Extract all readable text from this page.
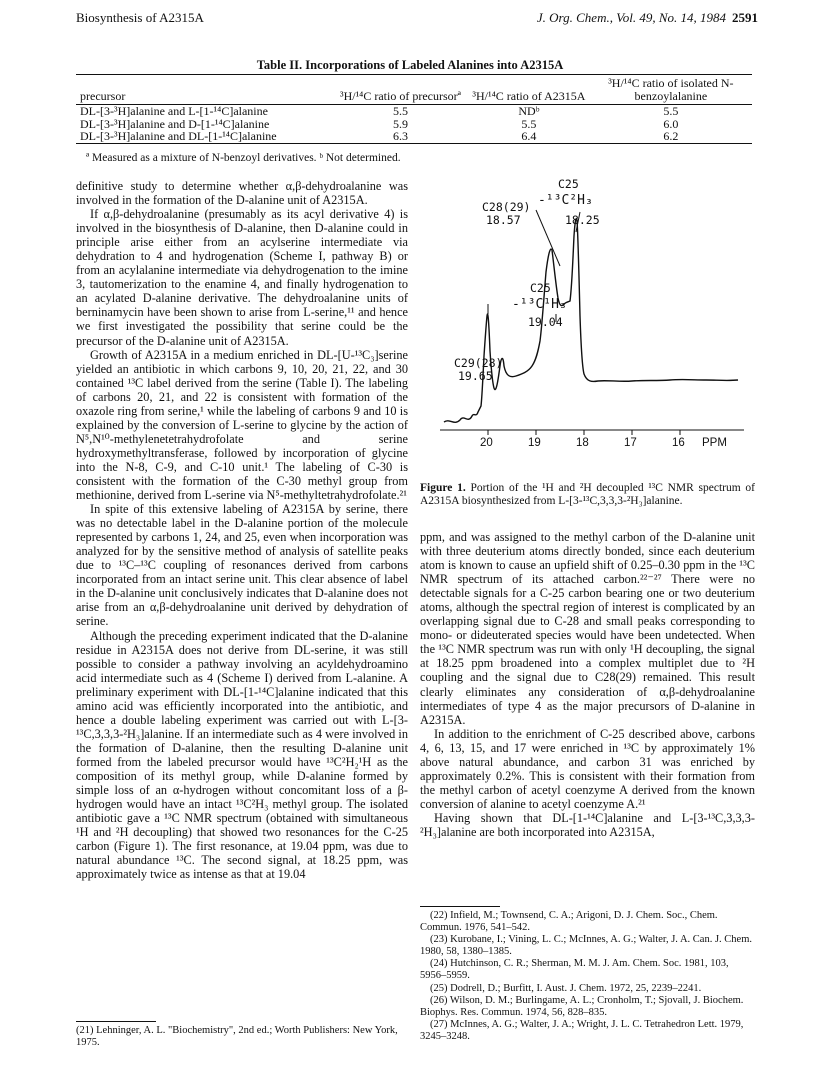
Biosynthesis of A2315A	J. Org. Chem., Vol. 49, No. 14, 1984 2591
Table II. Incorporations of Labeled Alanines into A2315A
precursor	³H/¹⁴C ratio of precursorª	³H/¹⁴C ratio of A2315A	³H/¹⁴C ratio of isolated N-benzoylalanine
DL-[3-³H]alanine and L-[1-¹⁴C]alanine	5.5	NDᵇ	5.5
DL-[3-³H]alanine and D-[1-¹⁴C]alanine	5.9	5.5	6.0
DL-[3-³H]alanine and DL-[1-¹⁴C]alanine	6.3	6.4	6.2
ª Measured as a mixture of N-benzoyl derivatives. ᵇ Not determined.

definitive study to determine whether α,β-dehydroalanine was involved in the formation of the D-alanine unit of A2315A.

If α,β-dehydroalanine (presumably as its acyl derivative 4) is involved in the biosynthesis of D-alanine, then D-alanine could in principle arise either from an acylserine intermediate via dehydration to 4 and hydrogenation (Scheme I, pathway B) or from an acylalanine intermediate via dehydrogenation to the imine 3, tautomerization to the enamine 4, and finally hydrogenation to an acylated D-alanine derivative. The dehydroalanine units of berninamycin have been shown to arise from L-serine,¹¹ and hence we first investigated the possibility that serine could be the precursor of the D-alanine unit of A2315A.

Growth of A2315A in a medium enriched in DL-[U-¹³C₃]serine yielded an antibiotic in which carbons 9, 10, 20, 21, 22, and 30 contained ¹³C label derived from the serine (Table I). The labeling of carbons 20, 21, and 22 is consistent with formation of the oxazole ring from serine,¹ while the labeling of carbons 9 and 10 is explained by the conversion of L-serine to glycine by the action of N⁵,N¹⁰-methylenetetrahydrofolate and serine hydroxymethyltransferase, followed by incorporation of glycine into the N-8, C-9, and C-10 unit.¹ The labeling of C-30 is consistent with the formation of the C-30 methyl group from methionine, derived from L-serine via N⁵-methyltetrahydrofolate.²¹

In spite of this extensive labeling of A2315A by serine, there was no detectable label in the D-alanine portion of the molecule represented by carbons 1, 24, and 25, even when incorporation was analyzed for by the sensitive method of analysis of satellite peaks due to ¹³C–¹³C coupling of resonances derived from carbons incorporated from an intact serine unit. This clear absence of label in the D-alanine unit conclusively indicates that D-alanine does not arise from an α,β-dehydroalanine unit derived by dehydration of serine.

Although the preceding experiment indicated that the D-alanine residue in A2315A does not derive from DL-serine, it was still possible to consider a pathway involving an acyldehydroamino acid intermediate such as 4 (Scheme I) derived from L-alanine. A preliminary experiment with DL-[1-¹⁴C]alanine indicated that this amino acid was efficiently incorporated into the antibiotic, and hence a double labeling experiment was carried out with L-[3-¹³C,3,3,3-²H₃]alanine. If an intermediate such as 4 were involved in the formation of D-alanine, then the resulting D-alanine unit formed from the labeled precursor would have ¹³C²H₂¹H as the composition of its methyl group, while D-alanine formed by simple loss of an α-hydrogen without concomitant loss of a β-hydrogen would have an intact ¹³C²H₃ methyl group. The isolated antibiotic gave a ¹³C NMR spectrum (obtained with simultaneous ¹H and ²H decoupling) that showed two resonances for the C-25 carbon (Figure 1). The first resonance, at 19.04 ppm, was due to natural abundance ¹³C. The second signal, at 18.25 ppm, was approximately twice as intense as that at 19.04

C25
-¹³C²H₃
C28(29)
18.57	18.25
C25
-¹³C¹H₃
19.04
C29(28)
19.65
20	19	18	17	16 PPM
Figure 1. Portion of the ¹H and ²H decoupled ¹³C NMR spectrum of A2315A biosynthesized from L-[3-¹³C,3,3,3-²H₃]alanine.

ppm, and was assigned to the methyl carbon of the D-alanine unit with three deuterium atoms directly bonded, since each deuterium atom is known to cause an upfield shift of 0.25–0.30 ppm in the ¹³C NMR spectrum of its attached carbon.²²⁻²⁷ There were no detectable signals for a C-25 carbon bearing one or two deuterium atoms, although the spectral region of interest is complicated by an overlapping signal due to C-28 and small peaks corresponding to mono- or dideuterated species would have been undetected. When the ¹³C NMR spectrum was run with only ¹H decoupling, the signal at 18.25 ppm broadened into a complex multiplet due to ²H coupling and the signal due to C28(29) remained. This result clearly eliminates any consideration of α,β-dehydroalanine intermediates of type 4 as the major precursors of D-alanine in A2315A.

In addition to the enrichment of C-25 described above, carbons 4, 6, 13, 15, and 17 were enriched in ¹³C by approximately 1% above natural abundance, and carbon 31 was enriched by approximately 0.2%. This is consistent with their formation from the methyl carbon of acetyl coenzyme A derived from the known conversion of alanine to acetyl coenzyme A.²¹

Having shown that DL-[1-¹⁴C]alanine and L-[3-¹³C,3,3,3-²H₃]alanine are both incorporated into A2315A,

(21) Lehninger, A. L. "Biochemistry", 2nd ed.; Worth Publishers: New York, 1975.

(22) Infield, M.; Townsend, C. A.; Arigoni, D. J. Chem. Soc., Chem. Commun. 1976, 541–542.

(23) Kurobane, I.; Vining, L. C.; McInnes, A. G.; Walter, J. A. Can. J. Chem. 1980, 58, 1380–1385.

(24) Hutchinson, C. R.; Sherman, M. M. J. Am. Chem. Soc. 1981, 103, 5956–5959.

(25) Dodrell, D.; Burfitt, I. Aust. J. Chem. 1972, 25, 2239–2241.

(26) Wilson, D. M.; Burlingame, A. L.; Cronholm, T.; Sjovall, J. Biochem. Biophys. Res. Commun. 1974, 56, 828–835.

(27) McInnes, A. G.; Walter, J. A.; Wright, J. L. C. Tetrahedron Lett. 1979, 3245–3248.
